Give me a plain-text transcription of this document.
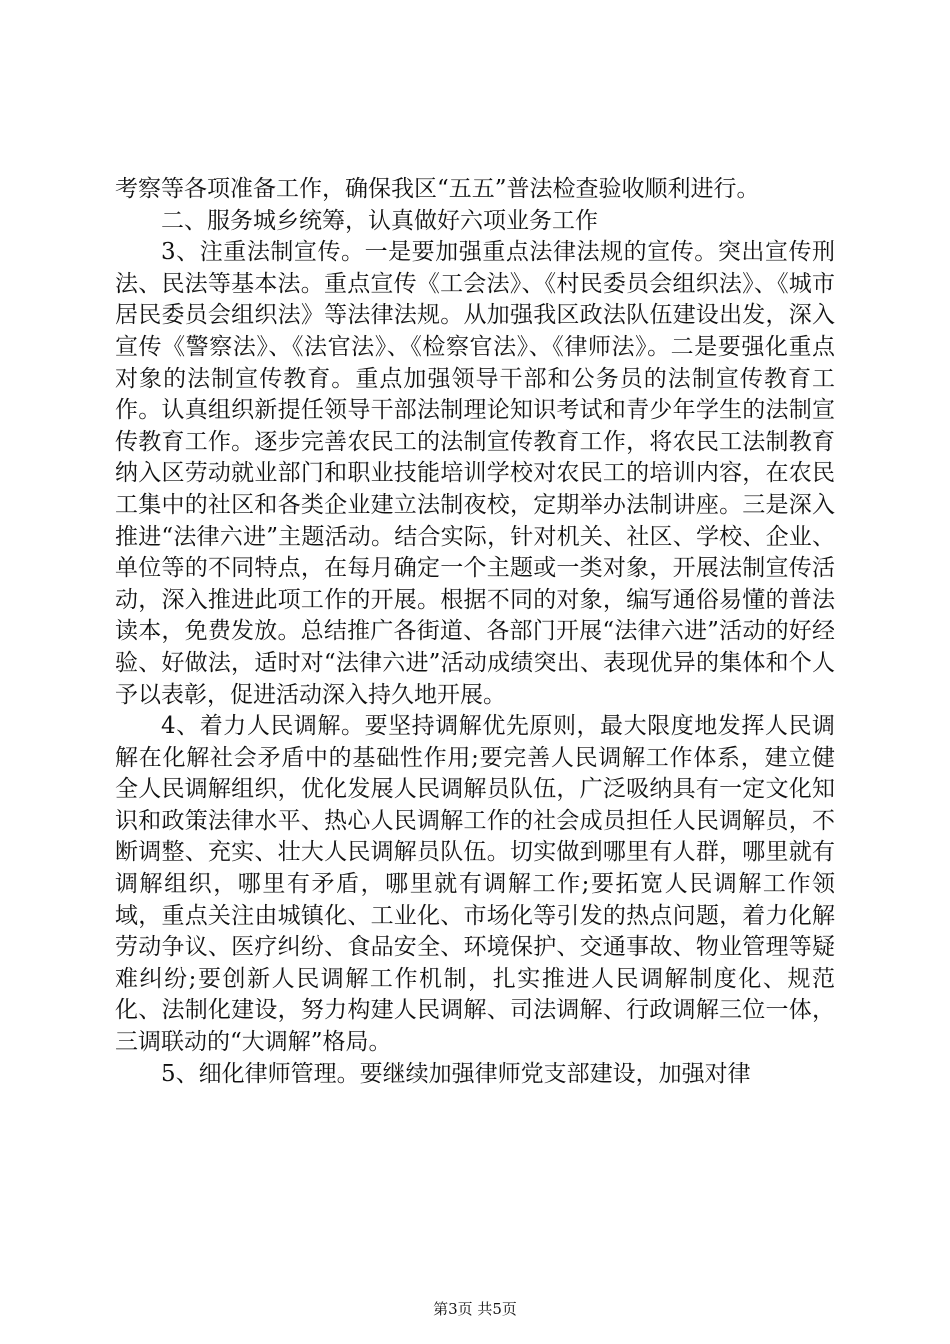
考察等各项准备工作，确保我区“五五”普法检查验收顺利进行。

二、服务城乡统筹，认真做好六项业务工作

3、注重法制宣传。一是要加强重点法律法规的宣传。突出宣传刑法、民法等基本法。重点宣传《工会法》、《村民委员会组织法》、《城市居民委员会组织法》等法律法规。从加强我区政法队伍建设出发，深入宣传《警察法》、《法官法》、《检察官法》、《律师法》。二是要强化重点对象的法制宣传教育。重点加强领导干部和公务员的法制宣传教育工作。认真组织新提任领导干部法制理论知识考试和青少年学生的法制宣传教育工作。逐步完善农民工的法制宣传教育工作，将农民工法制教育纳入区劳动就业部门和职业技能培训学校对农民工的培训内容，在农民工集中的社区和各类企业建立法制夜校，定期举办法制讲座。三是深入推进“法律六进”主题活动。结合实际，针对机关、社区、学校、企业、单位等的不同特点，在每月确定一个主题或一类对象，开展法制宣传活动，深入推进此项工作的开展。根据不同的对象，编写通俗易懂的普法读本，免费发放。总结推广各街道、各部门开展“法律六进”活动的好经验、好做法，适时对“法律六进”活动成绩突出、表现优异的集体和个人予以表彰，促进活动深入持久地开展。

4、着力人民调解。要坚持调解优先原则，最大限度地发挥人民调解在化解社会矛盾中的基础性作用;要完善人民调解工作体系，建立健全人民调解组织，优化发展人民调解员队伍，广泛吸纳具有一定文化知识和政策法律水平、热心人民调解工作的社会成员担任人民调解员，不断调整、充实、壮大人民调解员队伍。切实做到哪里有人群，哪里就有调解组织，哪里有矛盾，哪里就有调解工作;要拓宽人民调解工作领域，重点关注由城镇化、工业化、市场化等引发的热点问题，着力化解劳动争议、医疗纠纷、食品安全、环境保护、交通事故、物业管理等疑难纠纷;要创新人民调解工作机制，扎实推进人民调解制度化、规范化、法制化建设，努力构建人民调解、司法调解、行政调解三位一体，三调联动的“大调解”格局。

5、细化律师管理。要继续加强律师党支部建设，加强对律

第3页 共5页
